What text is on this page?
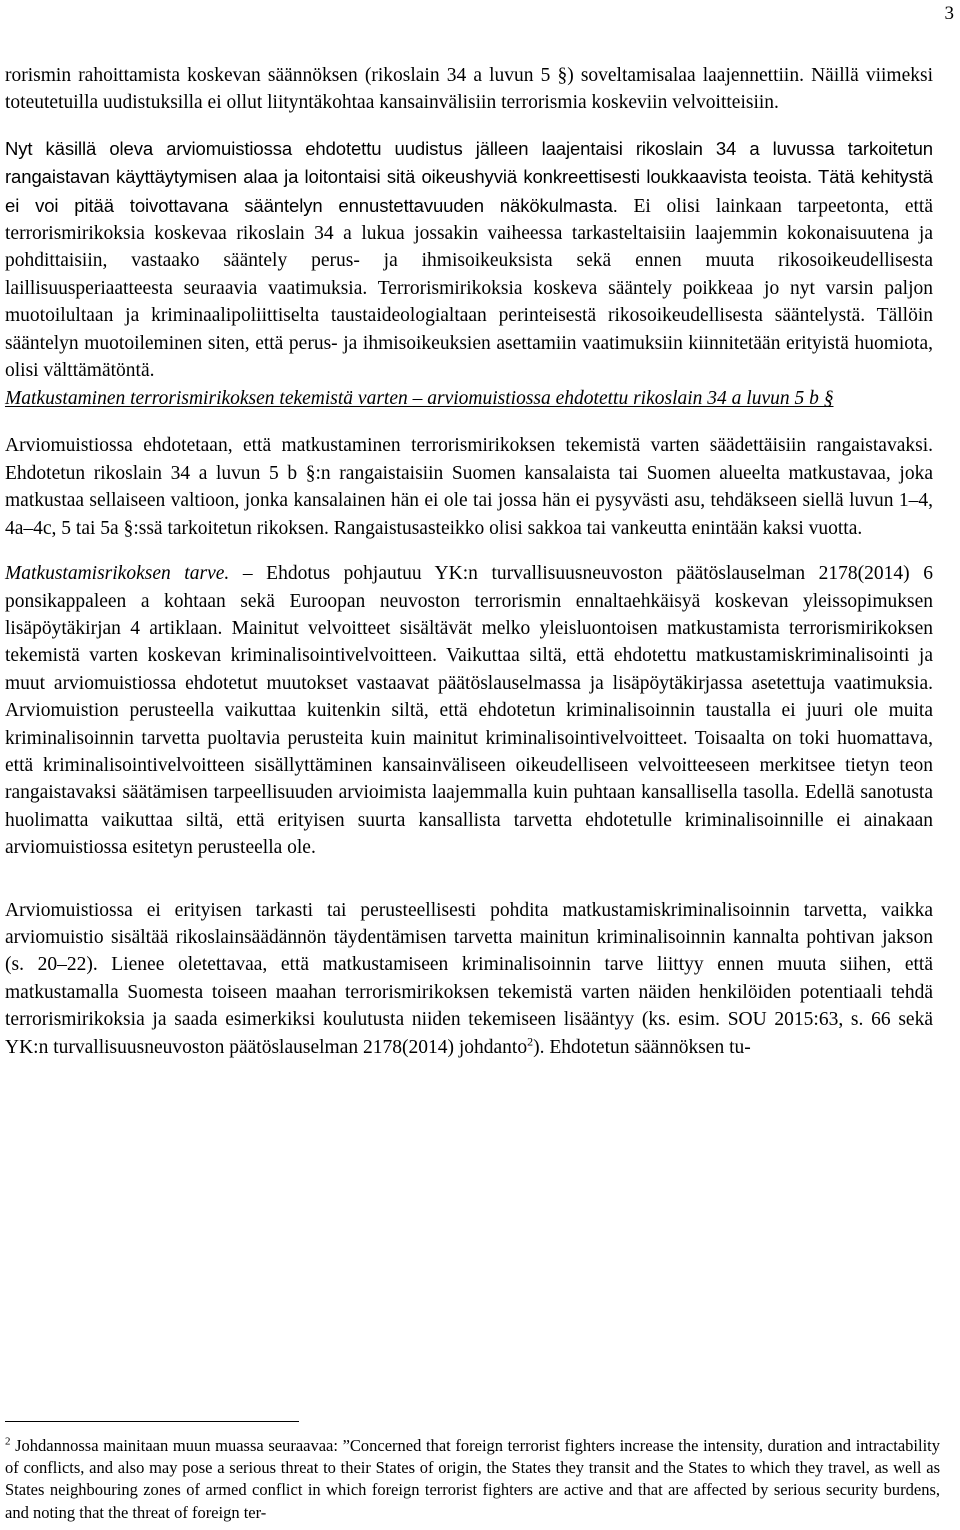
3

rorismin rahoittamista koskevan säännöksen (rikoslain 34 a luvun 5 §) soveltamisalaa laajennettiin. Näillä viimeksi toteutetuilla uudistuksilla ei ollut liityntäkohtaa kansainvälisiin terrorismia koskeviin velvoitteisiin.

Nyt käsillä oleva arviomuistiossa ehdotettu uudistus jälleen laajentaisi rikoslain 34 a luvussa tarkoitetun rangaistavan käyttäytymisen alaa ja loitontaisi sitä oikeushyviä konkreettisesti loukkaavista teoista. Tätä kehitystä ei voi pitää toivottavana sääntelyn ennustettavuuden näkökulmasta. Ei olisi lainkaan tarpeetonta, että terrorismirikoksia koskevaa rikoslain 34 a lukua jossakin vaiheessa tarkasteltaisiin laajemmin kokonaisuutena ja pohdittaisiin, vastaako sääntely perus- ja ihmisoikeuksista sekä ennen muuta rikosoikeudellisesta laillisuusperiaatteesta seuraavia vaatimuksia. Terrorismirikoksia koskeva sääntely poikkeaa jo nyt varsin paljon muotoilultaan ja kriminaalipoliittiselta taustaideologialtaan perinteisestä rikosoikeudellisesta sääntelystä. Tällöin sääntelyn muotoileminen siten, että perus- ja ihmisoikeuksien asettamiin vaatimuksiin kiinnitetään erityistä huomiota, olisi välttämätöntä.

Matkustaminen terrorismirikoksen tekemistä varten – arviomuistiossa ehdotettu rikoslain 34 a luvun 5 b §

Arviomuistiossa ehdotetaan, että matkustaminen terrorismirikoksen tekemistä varten säädettäisiin rangaistavaksi. Ehdotetun rikoslain 34 a luvun 5 b §:n rangaistaisiin Suomen kansalaista tai Suomen alueelta matkustavaa, joka matkustaa sellaiseen valtioon, jonka kansalainen hän ei ole tai jossa hän ei pysyvästi asu, tehdäkseen siellä luvun 1–4, 4a–4c, 5 tai 5a §:ssä tarkoitetun rikoksen. Rangaistusasteikko olisi sakkoa tai vankeutta enintään kaksi vuotta.

Matkustamisrikoksen tarve. – Ehdotus pohjautuu YK:n turvallisuusneuvoston päätöslauselman 2178(2014) 6 ponsikappaleen a kohtaan sekä Euroopan neuvoston terrorismin ennaltaehkäisyä koskevan yleissopimuksen lisäpöytäkirjan 4 artiklaan. Mainitut velvoitteet sisältävät melko yleisluontoisen matkustamista terrorismirikoksen tekemistä varten koskevan kriminalisointivelvoitteen. Vaikuttaa siltä, että ehdotettu matkustamiskriminalisointi ja muut arviomuistiossa ehdotetut muutokset vastaavat päätöslauselmassa ja lisäpöytäkirjassa asetettuja vaatimuksia. Arviomuistion perusteella vaikuttaa kuitenkin siltä, että ehdotetun kriminalisoinnin taustalla ei juuri ole muita kriminalisoinnin tarvetta puoltavia perusteita kuin mainitut kriminalisointivelvoitteet. Toisaalta on toki huomattava, että kriminalisointivelvoitteen sisällyttäminen kansainväliseen oikeudelliseen velvoitteeseen merkitsee tietyn teon rangaistavaksi säätämisen tarpeellisuuden arvioimista laajemmalla kuin puhtaan kansallisella tasolla. Edellä sanotusta huolimatta vaikuttaa siltä, että erityisen suurta kansallista tarvetta ehdotetulle kriminalisoinnille ei ainakaan arviomuistiossa esitetyn perusteella ole.

Arviomuistiossa ei erityisen tarkasti tai perusteellisesti pohdita matkustamiskriminalisoinnin tarvetta, vaikka arviomuistio sisältää rikoslainsäädännön täydentämisen tarvetta mainitun kriminalisoinnin kannalta pohtivan jakson (s. 20–22). Lienee oletettavaa, että matkustamiseen kriminalisoinnin tarve liittyy ennen muuta siihen, että matkustamalla Suomesta toiseen maahan terrorismirikoksen tekemistä varten näiden henkilöiden potentiaali tehdä terrorismirikoksia ja saada esimerkiksi koulutusta niiden tekemiseen lisääntyy (ks. esim. SOU 2015:63, s. 66 sekä YK:n turvallisuusneuvoston päätöslauselman 2178(2014) johdanto$^2$). Ehdotetun säännöksen tu-

$^2$ Johdannossa mainitaan muun muassa seuraavaa: ”Concerned that foreign terrorist fighters increase the intensity, duration and intractability of conflicts, and also may pose a serious threat to their States of origin, the States they transit and the States to which they travel, as well as States neighbouring zones of armed conflict in which foreign terrorist fighters are active and that are affected by serious security burdens, and noting that the threat of foreign ter-
